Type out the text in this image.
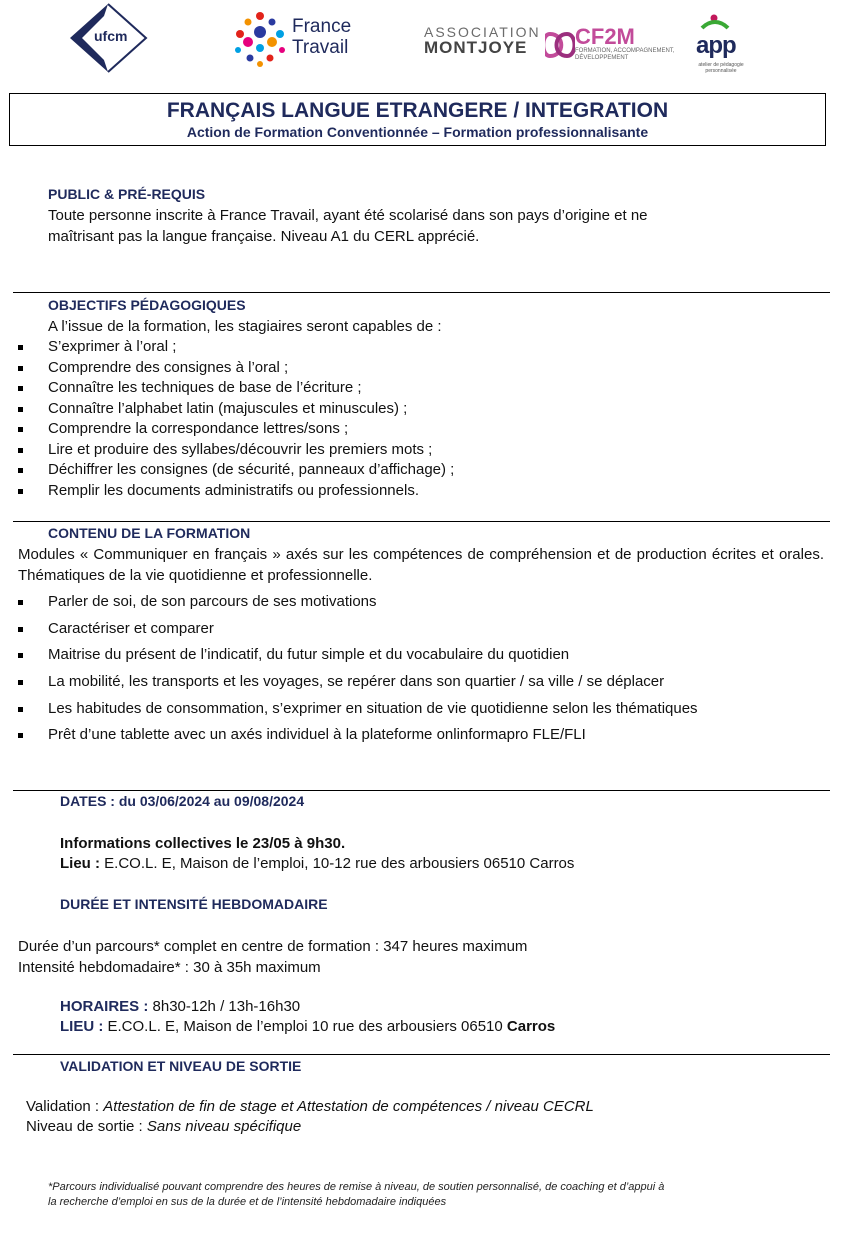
ufcm	France
Travail
ASSOCIATION
MONTJOYE	CF2M
FORMATION, ACCOMPAGNEMENT, DÉVELOPPEMENT	app
atelier de pédagogie personnalisée
FRANÇAIS LANGUE ETRANGERE / INTEGRATION
Action de Formation Conventionnée – Formation professionnalisante
PUBLIC & PRÉ-REQUIS
Toute personne inscrite à France Travail, ayant été scolarisé dans son pays d’origine et ne
maîtrisant pas la langue française. Niveau A1 du CERL apprécié.
OBJECTIFS PÉDAGOGIQUES
A l’issue de la formation, les stagiaires seront capables de :
S’exprimer à l’oral ;
Comprendre des consignes à l’oral ;
Connaître les techniques de base de l’écriture ;
Connaître l’alphabet latin (majuscules et minuscules) ;
Comprendre la correspondance lettres/sons ;
Lire et produire des syllabes/découvrir les premiers mots ;
Déchiffrer les consignes (de sécurité, panneaux d’affichage) ;
Remplir les documents administratifs ou professionnels.
CONTENU DE LA FORMATION
Modules « Communiquer en français » axés sur les compétences de compréhension et de production écrites et orales. Thématiques de la vie quotidienne et professionnelle.
Parler de soi, de son parcours de ses motivations
Caractériser et comparer
Maitrise du présent de l’indicatif, du futur simple et du vocabulaire du quotidien
La mobilité, les transports et les voyages, se repérer dans son quartier / sa ville / se déplacer
Les habitudes de consommation, s’exprimer en situation de vie quotidienne selon les thématiques
Prêt d’une tablette avec un axés individuel à la plateforme onlinformapro FLE/FLI
DATES : du 03/06/2024 au 09/08/2024
Informations collectives le 23/05 à 9h30.
Lieu : E.CO.L. E, Maison de l’emploi, 10-12 rue des arbousiers 06510 Carros
DURÉE ET INTENSITÉ HEBDOMADAIRE
Durée d’un parcours* complet en centre de formation : 347 heures maximum
Intensité hebdomadaire* : 30 à 35h maximum
HORAIRES : 8h30-12h / 13h-16h30
LIEU : E.CO.L. E, Maison de l’emploi 10 rue des arbousiers 06510 Carros
VALIDATION ET NIVEAU DE SORTIE
Validation : Attestation de fin de stage et Attestation de compétences / niveau CECRL
Niveau de sortie : Sans niveau spécifique
*Parcours individualisé pouvant comprendre des heures de remise à niveau, de soutien personnalisé, de coaching et d’appui à
la recherche d’emploi en sus de la durée et de l’intensité hebdomadaire indiquées
